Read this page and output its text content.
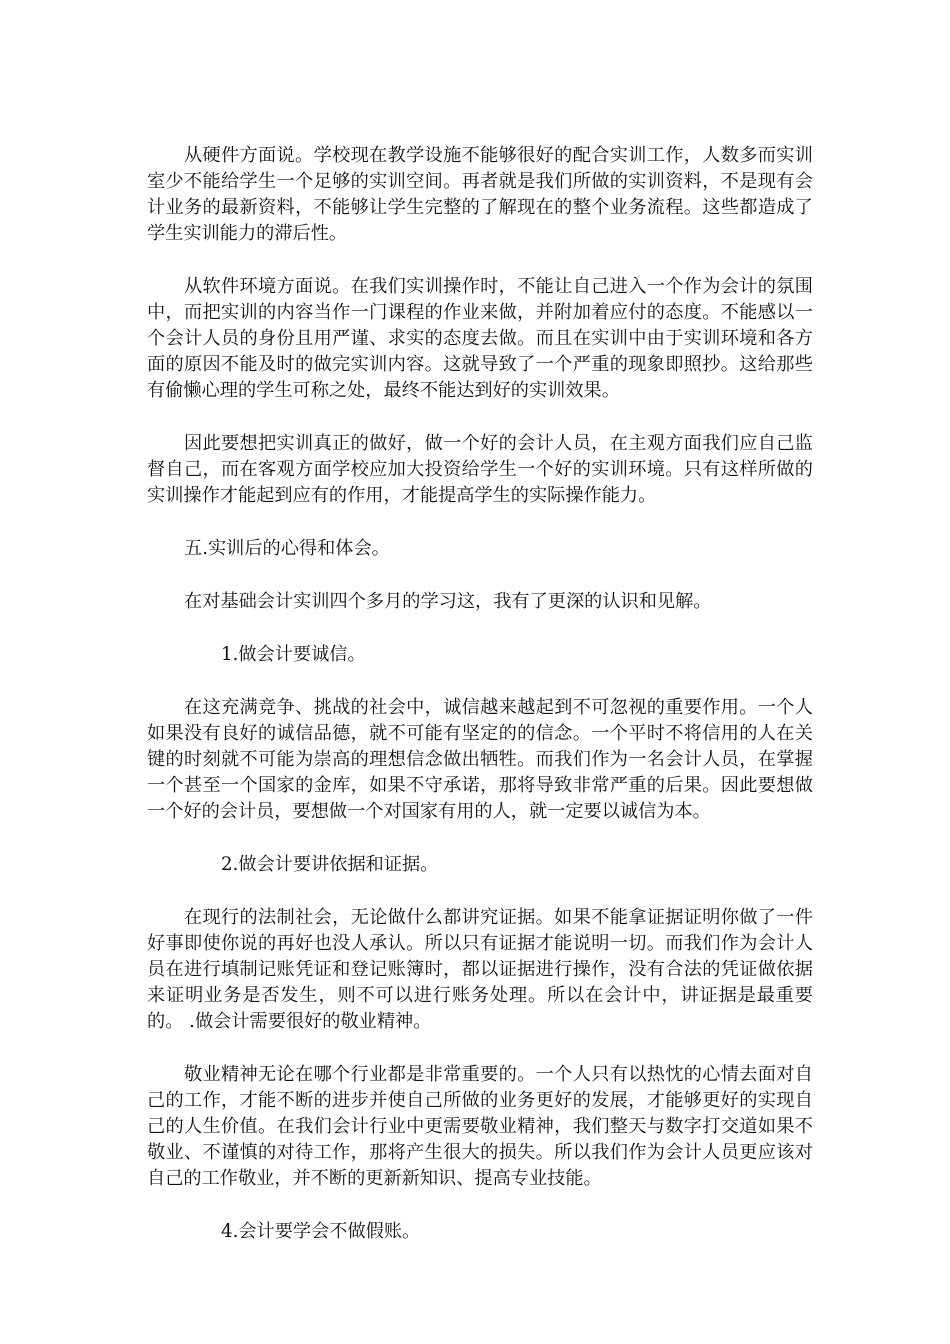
从硬件方面说。学校现在教学设施不能够很好的配合实训工作，人数多而实训室少不能给学生一个足够的实训空间。再者就是我们所做的实训资料，不是现有会计业务的最新资料，不能够让学生完整的了解现在的整个业务流程。这些都造成了学生实训能力的滞后性。

从软件环境方面说。在我们实训操作时，不能让自己进入一个作为会计的氛围中，而把实训的内容当作一门课程的作业来做，并附加着应付的态度。不能感以一个会计人员的身份且用严谨、求实的态度去做。而且在实训中由于实训环境和各方面的原因不能及时的做完实训内容。这就导致了一个严重的现象即照抄。这给那些有偷懒心理的学生可称之处，最终不能达到好的实训效果。

因此要想把实训真正的做好，做一个好的会计人员，在主观方面我们应自己监督自己，而在客观方面学校应加大投资给学生一个好的实训环境。只有这样所做的实训操作才能起到应有的作用，才能提高学生的实际操作能力。

五.实训后的心得和体会。

在对基础会计实训四个多月的学习这，我有了更深的认识和见解。

1.做会计要诚信。

在这充满竞争、挑战的社会中，诚信越来越起到不可忽视的重要作用。一个人如果没有良好的诚信品德，就不可能有坚定的的信念。一个平时不将信用的人在关键的时刻就不可能为崇高的理想信念做出牺牲。而我们作为一名会计人员，在掌握一个甚至一个国家的金库，如果不守承诺，那将导致非常严重的后果。因此要想做一个好的会计员，要想做一个对国家有用的人，就一定要以诚信为本。

2.做会计要讲依据和证据。

在现行的法制社会，无论做什么都讲究证据。如果不能拿证据证明你做了一件好事即使你说的再好也没人承认。所以只有证据才能说明一切。而我们作为会计人员在进行填制记账凭证和登记账簿时，都以证据进行操作，没有合法的凭证做依据来证明业务是否发生，则不可以进行账务处理。所以在会计中，讲证据是最重要的。 .做会计需要很好的敬业精神。

敬业精神无论在哪个行业都是非常重要的。一个人只有以热忱的心情去面对自己的工作，才能不断的进步并使自己所做的业务更好的发展，才能够更好的实现自己的人生价值。在我们会计行业中更需要敬业精神，我们整天与数字打交道如果不敬业、不谨慎的对待工作，那将产生很大的损失。所以我们作为会计人员更应该对自己的工作敬业，并不断的更新新知识、提高专业技能。

4.会计要学会不做假账。
